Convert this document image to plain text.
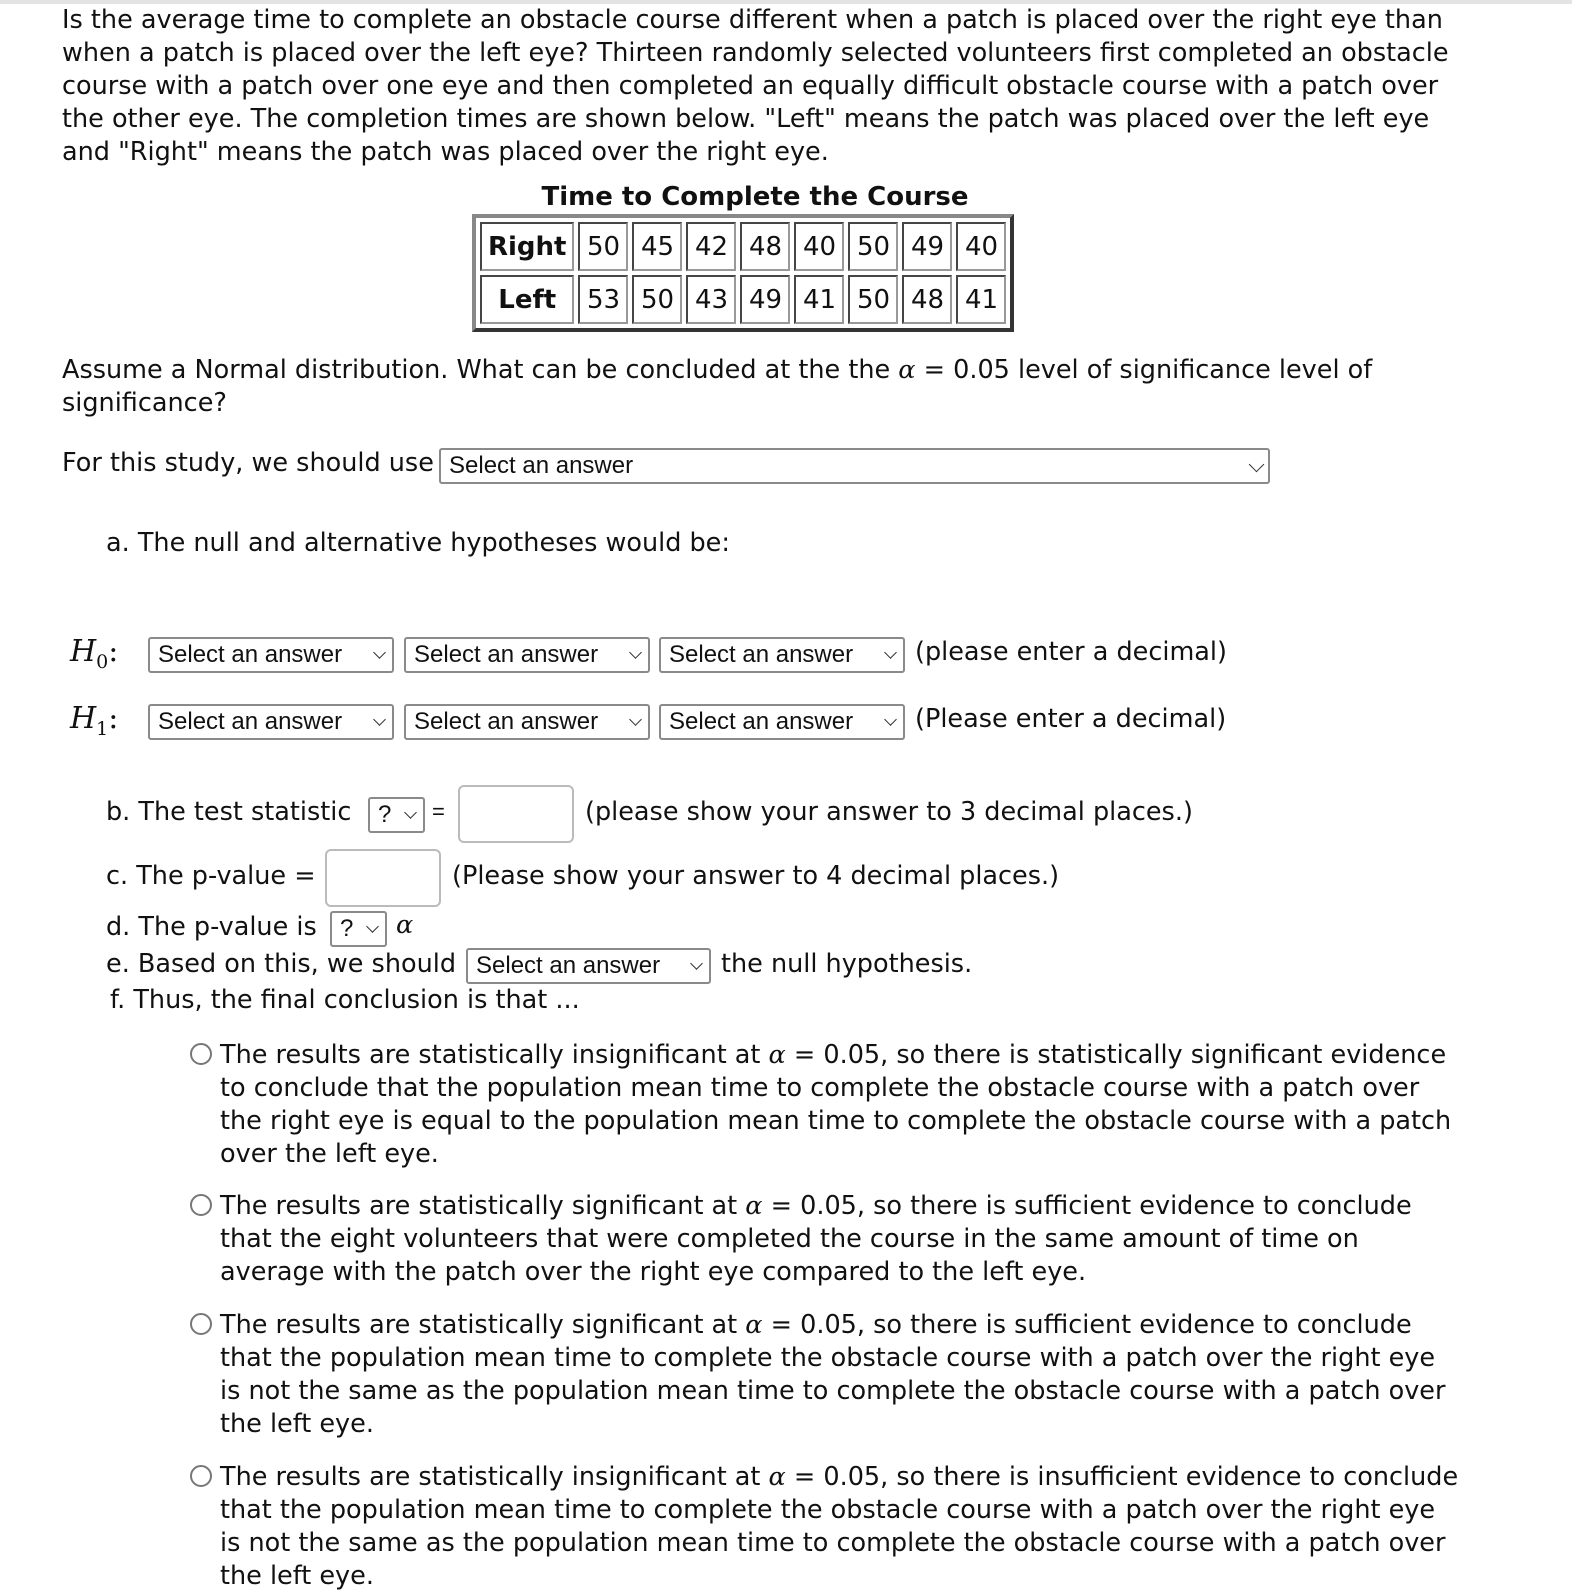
Is the average time to complete an obstacle course different when a patch is placed over the right eye than when a patch is placed over the left eye? Thirteen randomly selected volunteers first completed an obstacle course with a patch over one eye and then completed an equally difficult obstacle course with a patch over the other eye. The completion times are shown below. "Left" means the patch was placed over the left eye and "Right" means the patch was placed over the right eye.
Time to Complete the Course
Right	50	45	42	48	40	50	49	40
Left	53	50	43	49	41	50	48	41
Assume a Normal distribution. What can be concluded at the the α = 0.05 level of significance level of significance?
For this study, we should use Select an answer
a. The null and alternative hypotheses would be:
$H_0$:	Select an answer	Select an answer	Select an answer	(please enter a decimal)
$H_1$:	Select an answer	Select an answer	Select an answer	(Please enter a decimal)
b. The test statistic	?	=	(please show your answer to 3 decimal places.)
c. The p-value =	(Please show your answer to 4 decimal places.)
d. The p-value is ?	α
e. Based on this, we should Select an answer	the null hypothesis.
f. Thus, the final conclusion is that ...
The results are statistically insignificant at α = 0.05, so there is statistically significant evidence to conclude that the population mean time to complete the obstacle course with a patch over the right eye is equal to the population mean time to complete the obstacle course with a patch over the left eye.
The results are statistically significant at α = 0.05, so there is sufficient evidence to conclude that the eight volunteers that were completed the course in the same amount of time on average with the patch over the right eye compared to the left eye.
The results are statistically significant at α = 0.05, so there is sufficient evidence to conclude that the population mean time to complete the obstacle course with a patch over the right eye is not the same as the population mean time to complete the obstacle course with a patch over the left eye.
The results are statistically insignificant at α = 0.05, so there is insufficient evidence to conclude that the population mean time to complete the obstacle course with a patch over the right eye is not the same as the population mean time to complete the obstacle course with a patch over the left eye.
